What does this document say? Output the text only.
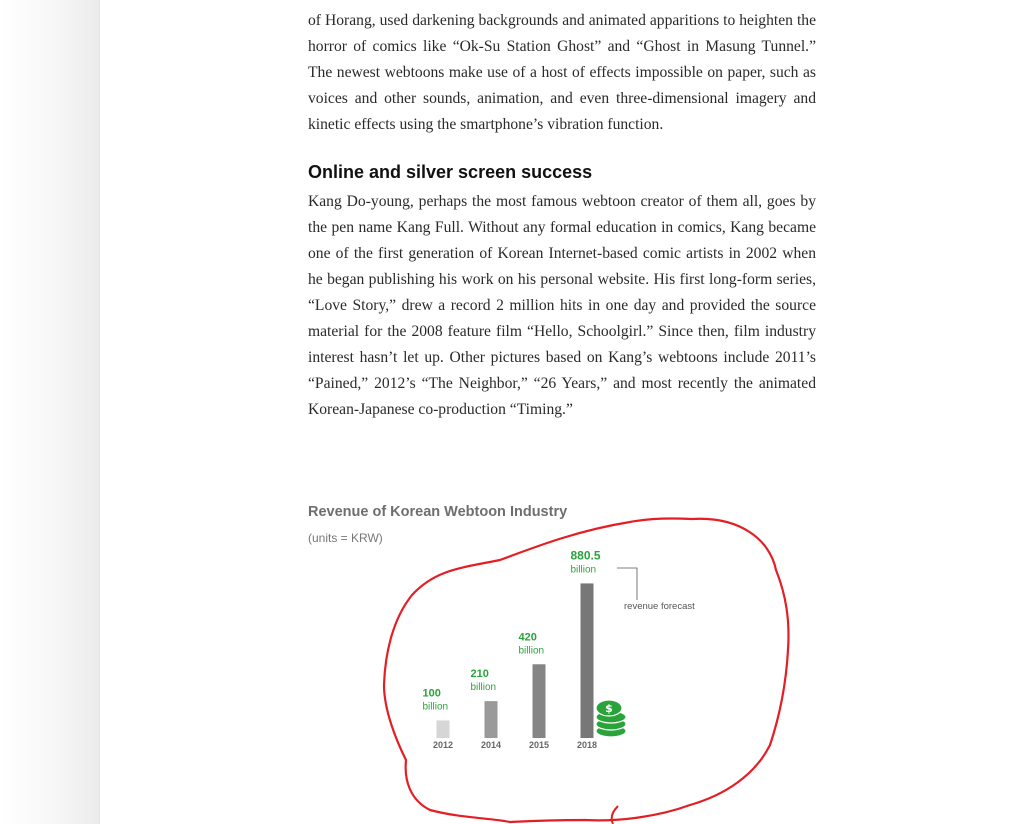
of Horang, used darkening backgrounds and animated apparitions to heighten the horror of comics like “Ok-Su Station Ghost” and “Ghost in Masung Tunnel.” The newest webtoons make use of a host of effects impossible on paper, such as voices and other sounds, animation, and even three-dimensional imagery and kinetic effects using the smartphone’s vibration function.

Online and silver screen success

Kang Do-young, perhaps the most famous webtoon creator of them all, goes by the pen name Kang Full. Without any formal education in comics, Kang became one of the first generation of Korean Internet-based comic artists in 2002 when he began publishing his work on his personal website. His first long-form series, “Love Story,” drew a record 2 million hits in one day and provided the source material for the 2008 feature film “Hello, Schoolgirl.” Since then, film industry interest hasn’t let up. Other pictures based on Kang’s webtoons include 2011’s “Pained,” 2012’s “The Neighbor,” “26 Years,” and most recently the animated Korean-Japanese co-production “Timing.”

Revenue of Korean Webtoon Industry
(units = KRW)
2012
100
billion
2014
210
billion
2015
420
billion
2018
880.5
billion
revenue forecast
$
